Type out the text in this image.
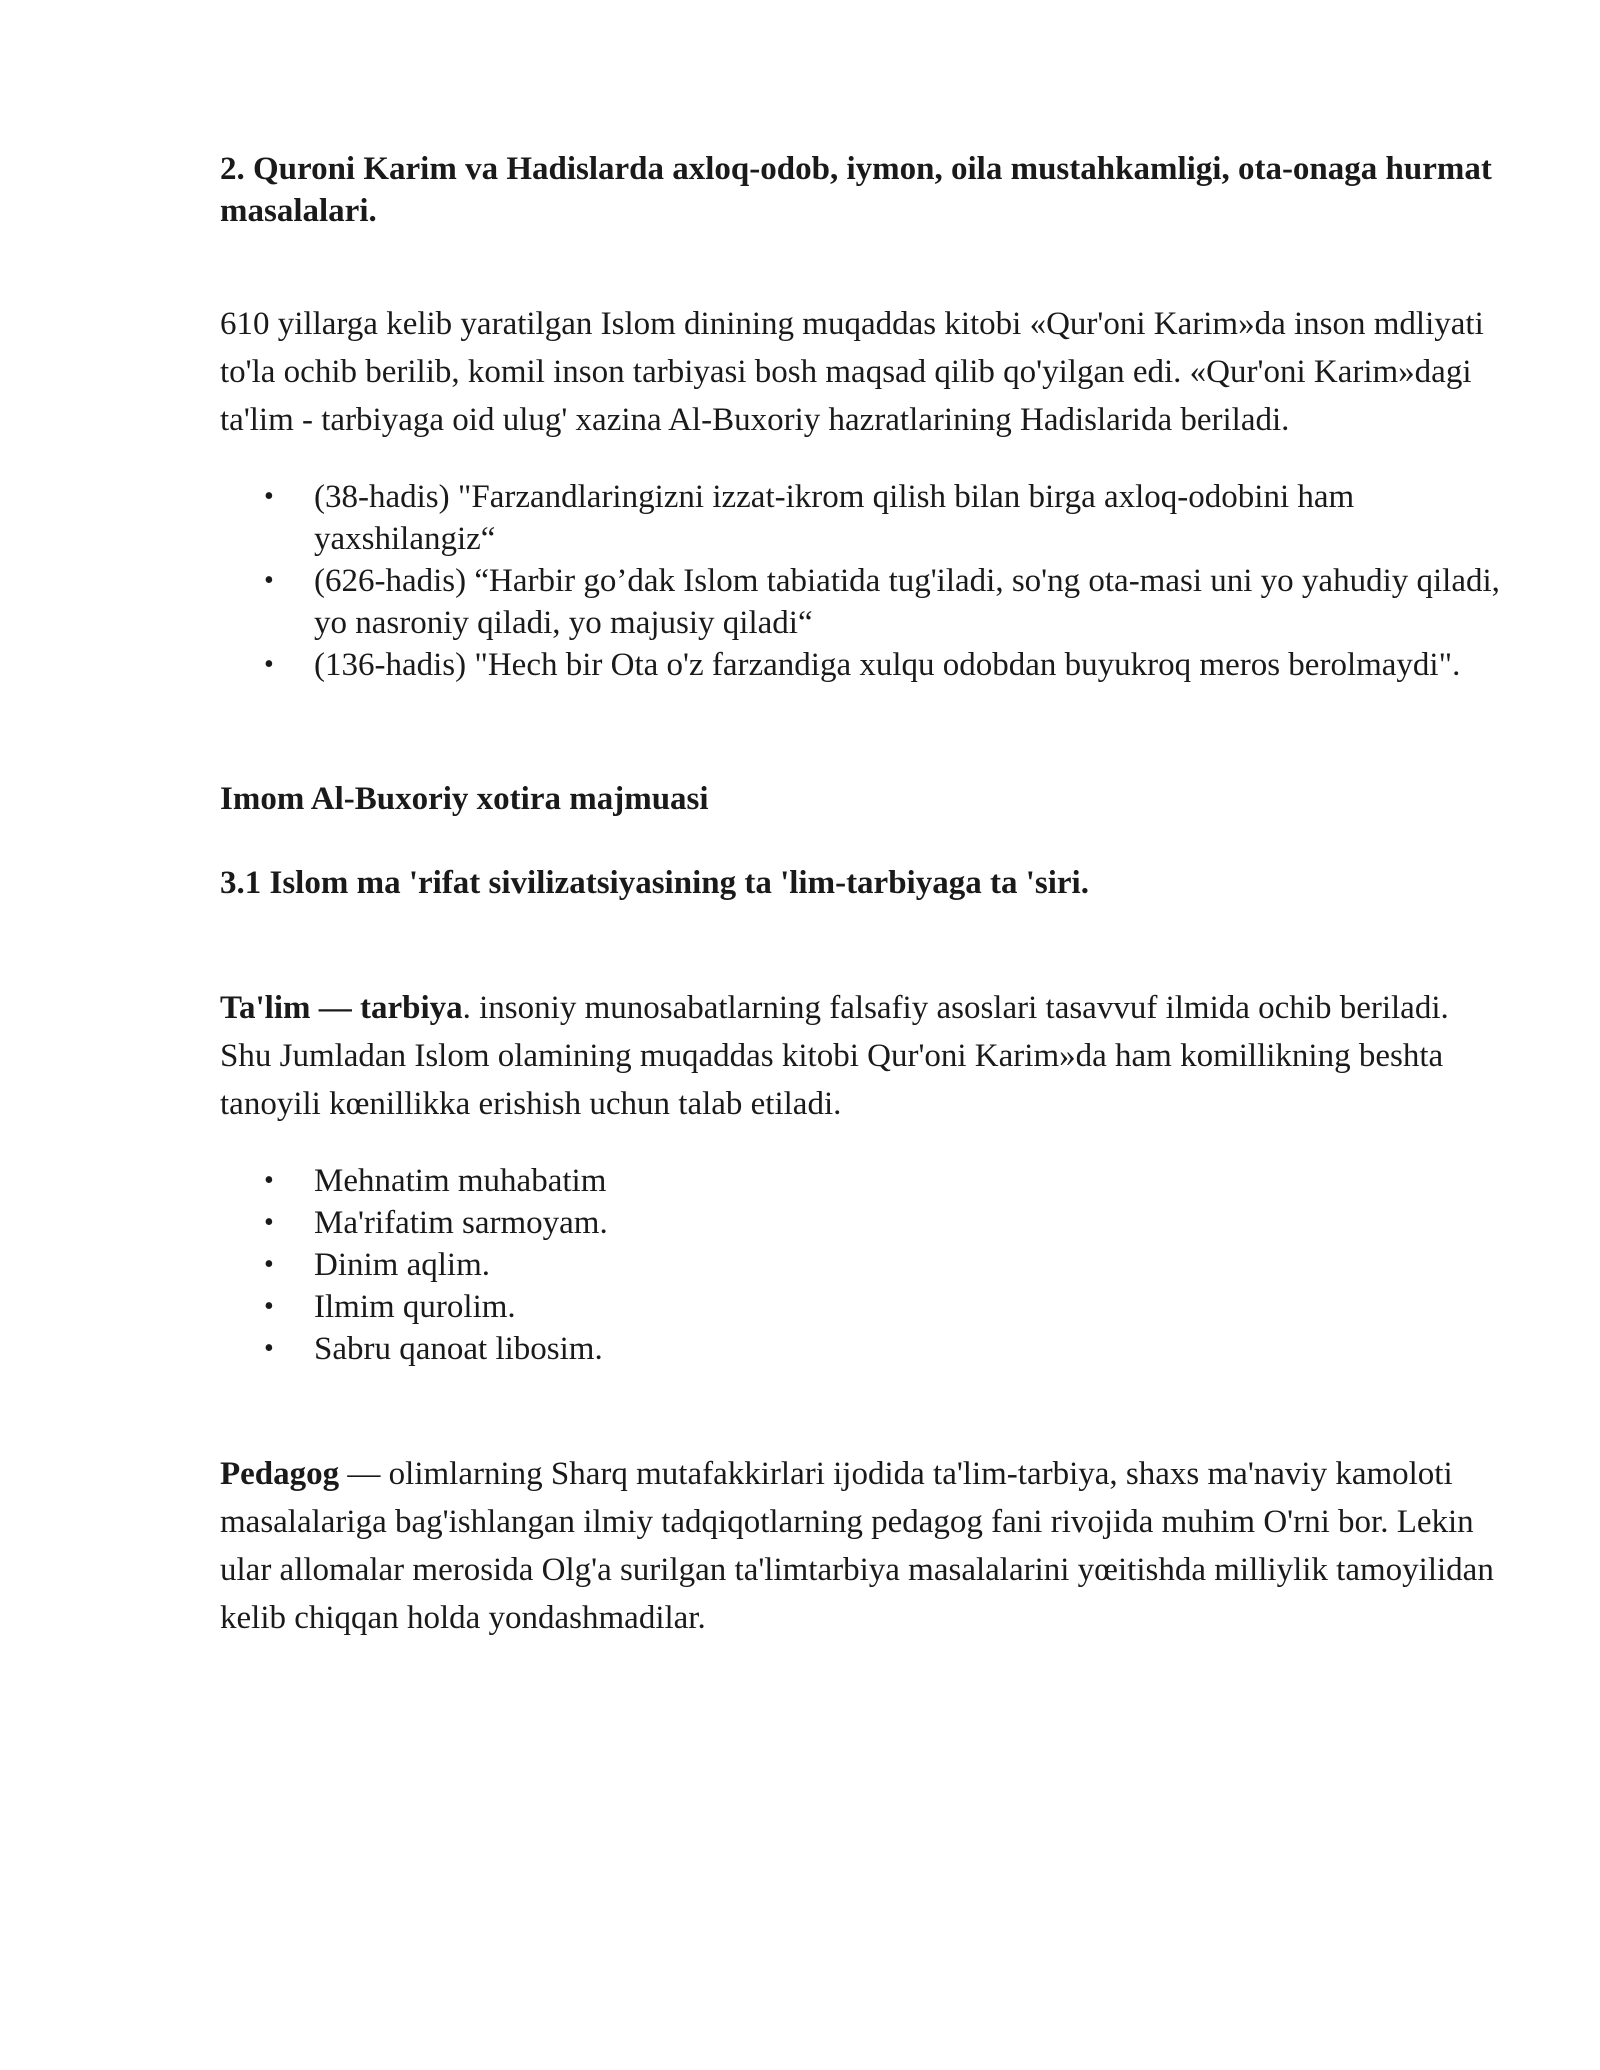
2. Quroni Karim va Hadislarda axloq-odob, iymon, oila mustahkamligi, ota-onaga hurmat masalalari.

610 yillarga kelib yaratilgan Islom dinining muqaddas kitobi «Qur'oni Karim»da inson mdliyati to'la ochib berilib, komil inson tarbiyasi bosh maqsad qilib qo'yilgan edi. «Qur'oni Karim»dagi ta'lim - tarbiyaga oid ulug' xazina Al-Buxoriy hazratlarining Hadislarida beriladi.

• (38-hadis) "Farzandlaringizni izzat-ikrom qilish bilan birga axloq-odobini ham yaxshilangiz“
• (626-hadis) “Harbir go’dak Islom tabiatida tug'iladi, so'ng ota-masi uni yo yahudiy qiladi, yo nasroniy qiladi, yo majusiy qiladi“
• (136-hadis) "Hech bir Ota o'z farzandiga xulqu odobdan buyukroq meros berolmaydi".
Imom Al-Buxoriy xotira majmuasi
3.1 Islom ma 'rifat sivilizatsiyasining ta 'lim-tarbiyaga ta 'siri.

Ta'lim — tarbiya. insoniy munosabatlarning falsafiy asoslari tasavvuf ilmida ochib beriladi. Shu Jumladan Islom olamining muqaddas kitobi Qur'oni Karim»da ham komillikning beshta tanoyili kœnillikka erishish uchun talab etiladi.

• Mehnatim muhabatim
• Ma'rifatim sarmoyam.
• Dinim aqlim.
• Ilmim qurolim.
• Sabru qanoat libosim.

Pedagog — olimlarning Sharq mutafakkirlari ijodida ta'lim-tarbiya, shaxs ma'naviy kamoloti masalalariga bag'ishlangan ilmiy tadqiqotlarning pedagog fani rivojida muhim O'rni bor. Lekin ular allomalar merosida Olg'a surilgan ta'limtarbiya masalalarini yœitishda milliylik tamoyilidan kelib chiqqan holda yondashmadilar.
